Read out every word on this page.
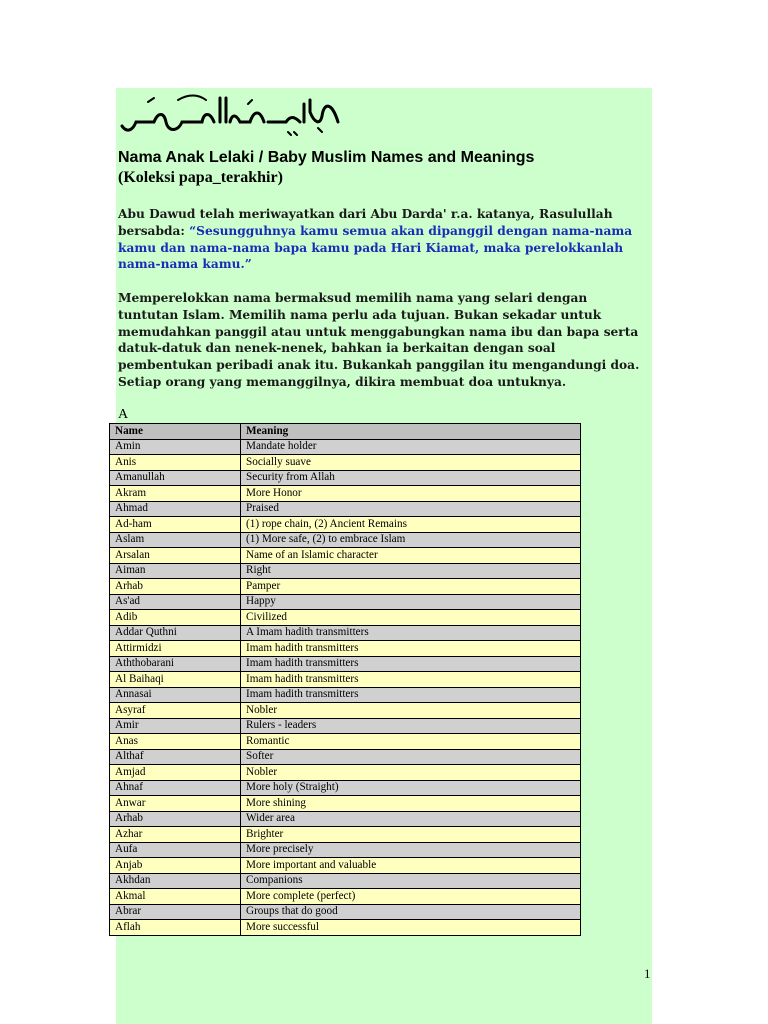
Nama Anak Lelaki / Baby Muslim Names and Meanings
(Koleksi papa_terakhir)

Abu Dawud telah meriwayatkan dari Abu Darda' r.a. katanya, Rasulullah bersabda: “Sesungguhnya kamu semua akan dipanggil dengan nama-nama kamu dan nama-nama bapa kamu pada Hari Kiamat, maka perelokkanlah nama-nama kamu.”

Memperelokkan nama bermaksud memilih nama yang selari dengan tuntutan Islam. Memilih nama perlu ada tujuan. Bukan sekadar untuk memudahkan panggil atau untuk menggabungkan nama ibu dan bapa serta datuk-datuk dan nenek-nenek, bahkan ia berkaitan dengan soal pembentukan peribadi anak itu. Bukankah panggilan itu mengandungi doa. Setiap orang yang memanggilnya, dikira membuat doa untuknya.

A
Name	Meaning
Amin	Mandate holder
Anis	Socially suave
Amanullah	Security from Allah
Akram	More Honor
Ahmad	Praised
Ad-ham	(1) rope chain, (2) Ancient Remains
Aslam	(1) More safe, (2) to embrace Islam
Arsalan	Name of an Islamic character
Aiman	Right
Arhab	Pamper
As'ad	Happy
Adib	Civilized
Addar Quthni	A Imam hadith transmitters
Attirmidzi	Imam hadith transmitters
Aththobarani	Imam hadith transmitters
Al Baihaqi	Imam hadith transmitters
Annasai	Imam hadith transmitters
Asyraf	Nobler
Amir	Rulers - leaders
Anas	Romantic
Althaf	Softer
Amjad	Nobler
Ahnaf	More holy (Straight)
Anwar	More shining
Arhab	Wider area
Azhar	Brighter
Aufa	More precisely
Anjab	More important and valuable
Akhdan	Companions
Akmal	More complete (perfect)
Abrar	Groups that do good
Aflah	More successful
1
